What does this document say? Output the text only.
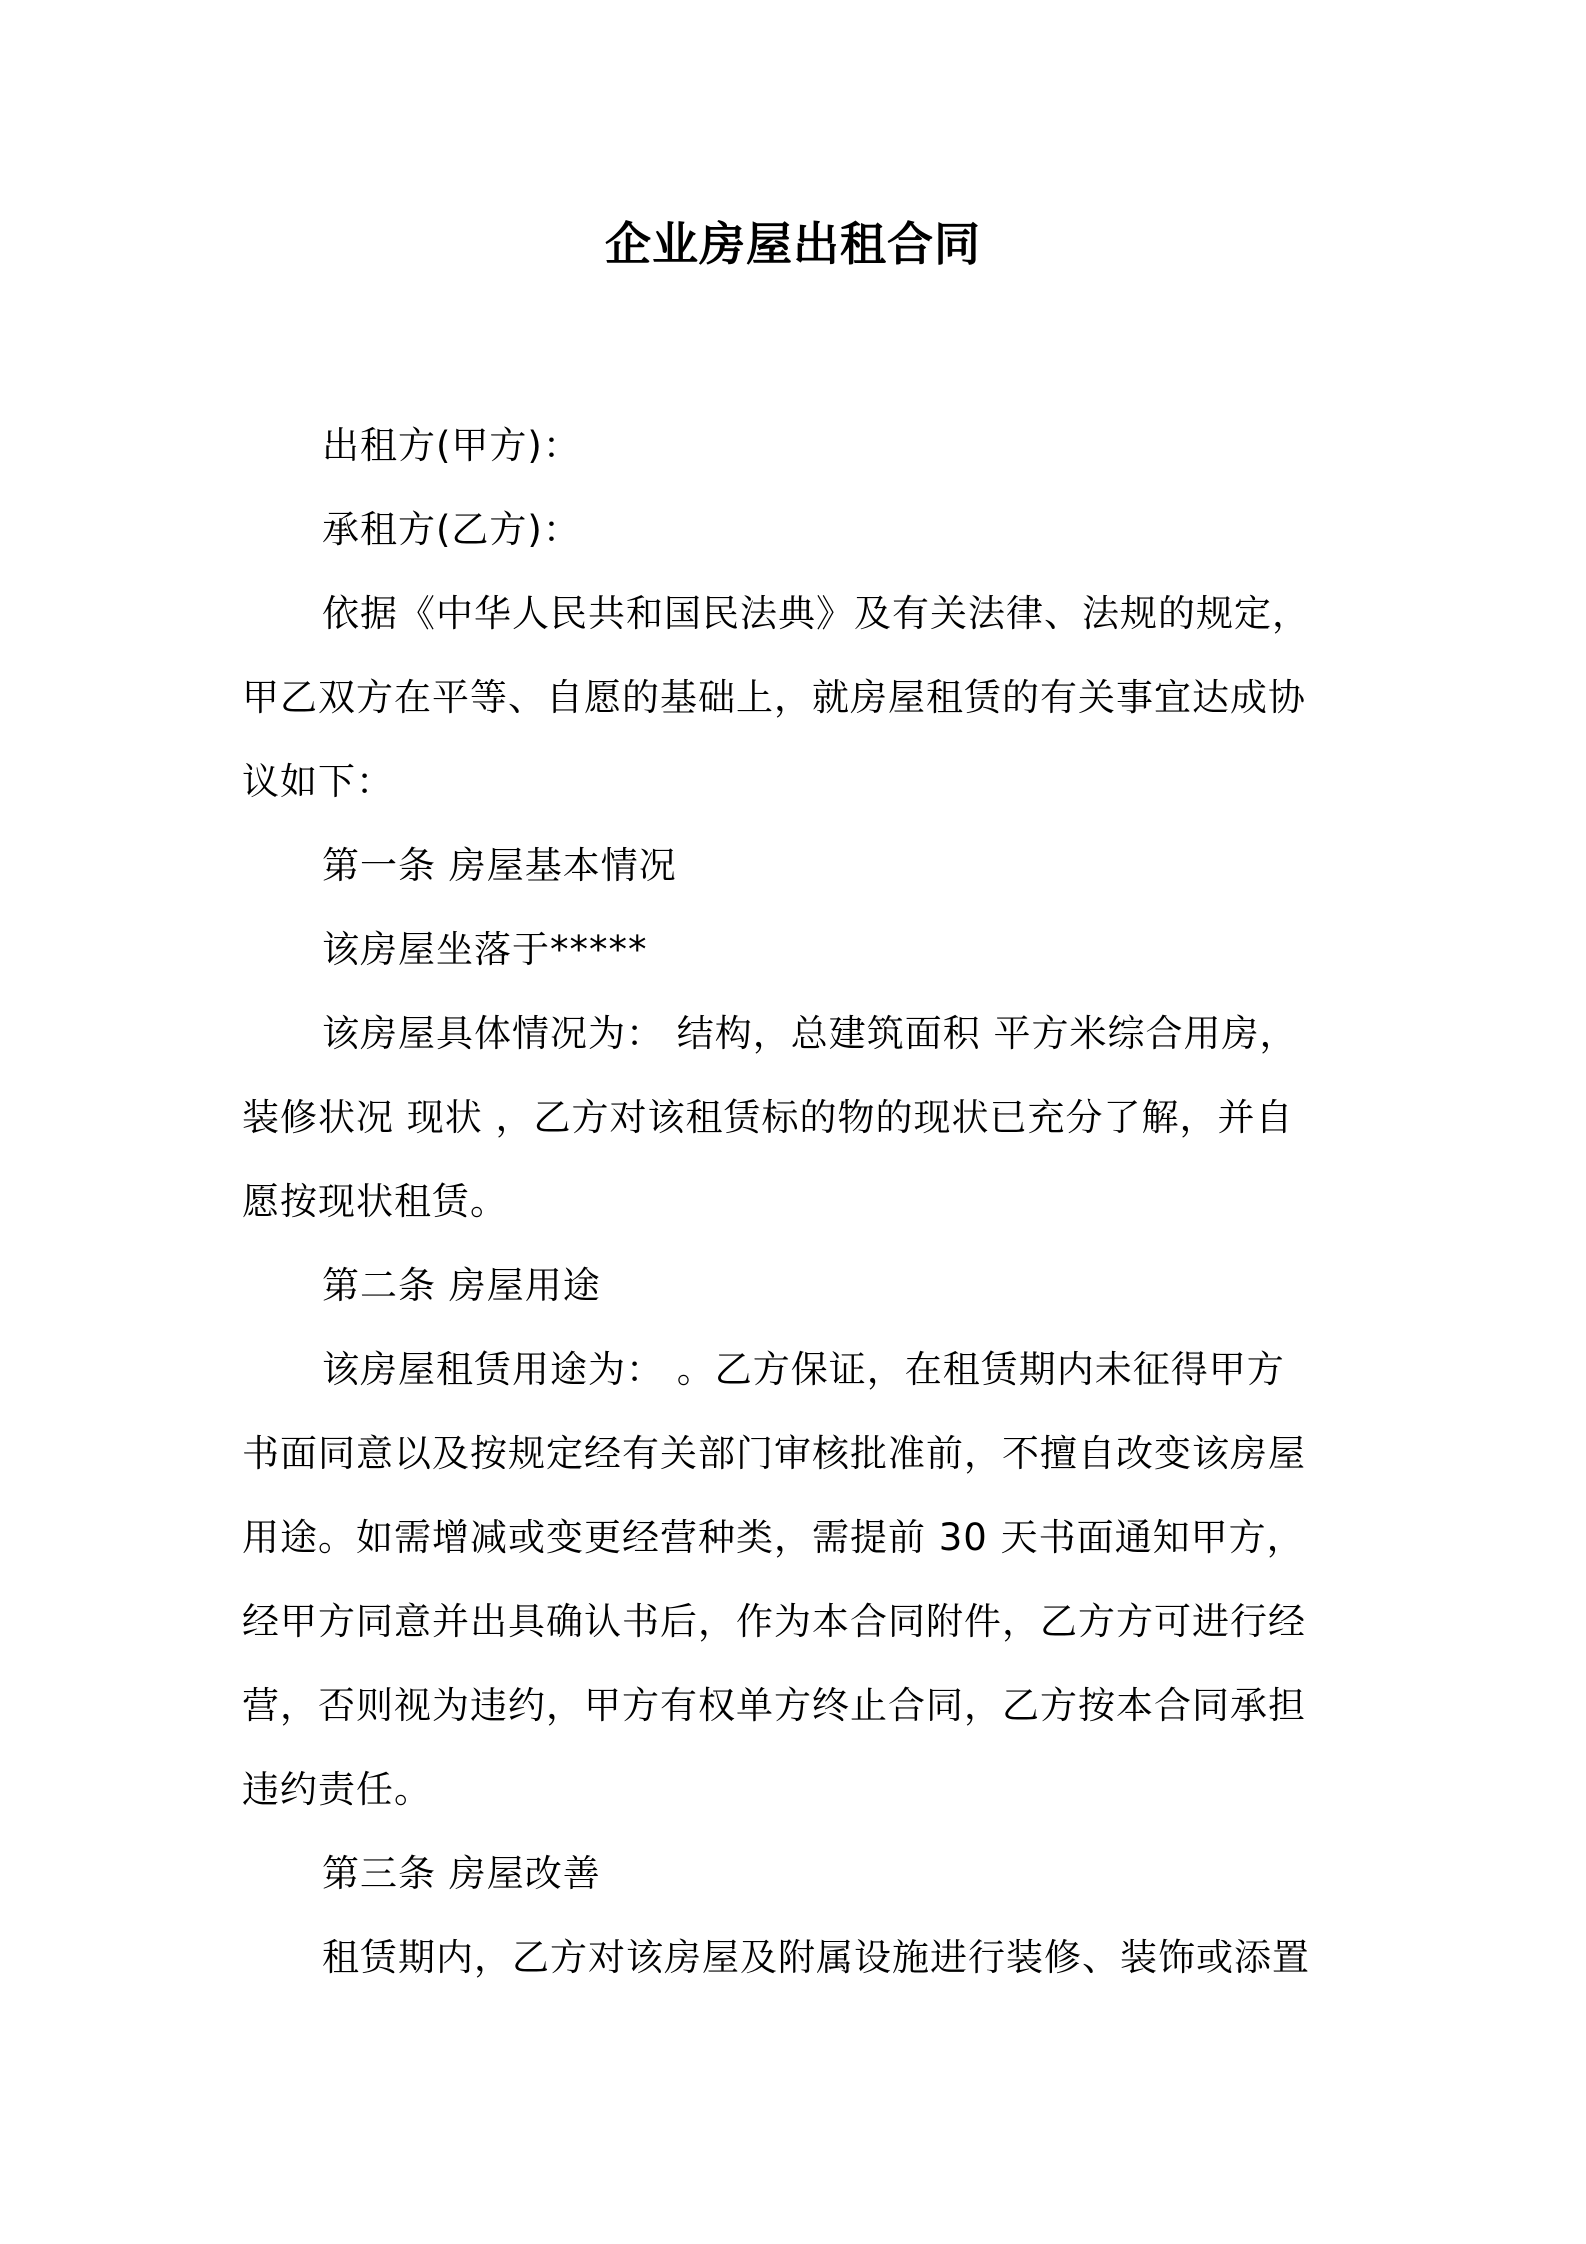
企业房屋出租合同

出租方(甲方)：

承租方(乙方)：

依据《中华人民共和国民法典》及有关法律、法规的规定，

甲乙双方在平等、自愿的基础上，就房屋租赁的有关事宜达成协

议如下：

第一条 房屋基本情况

该房屋坐落于*****

该房屋具体情况为： 结构，总建筑面积 平方米综合用房，

装修状况 现状 ，乙方对该租赁标的物的现状已充分了解，并自

愿按现状租赁。

第二条 房屋用途

该房屋租赁用途为： 。乙方保证，在租赁期内未征得甲方

书面同意以及按规定经有关部门审核批准前，不擅自改变该房屋

用途。如需增减或变更经营种类，需提前 30 天书面通知甲方，

经甲方同意并出具确认书后，作为本合同附件，乙方方可进行经

营，否则视为违约，甲方有权单方终止合同，乙方按本合同承担

违约责任。

第三条 房屋改善

租赁期内，乙方对该房屋及附属设施进行装修、装饰或添置
